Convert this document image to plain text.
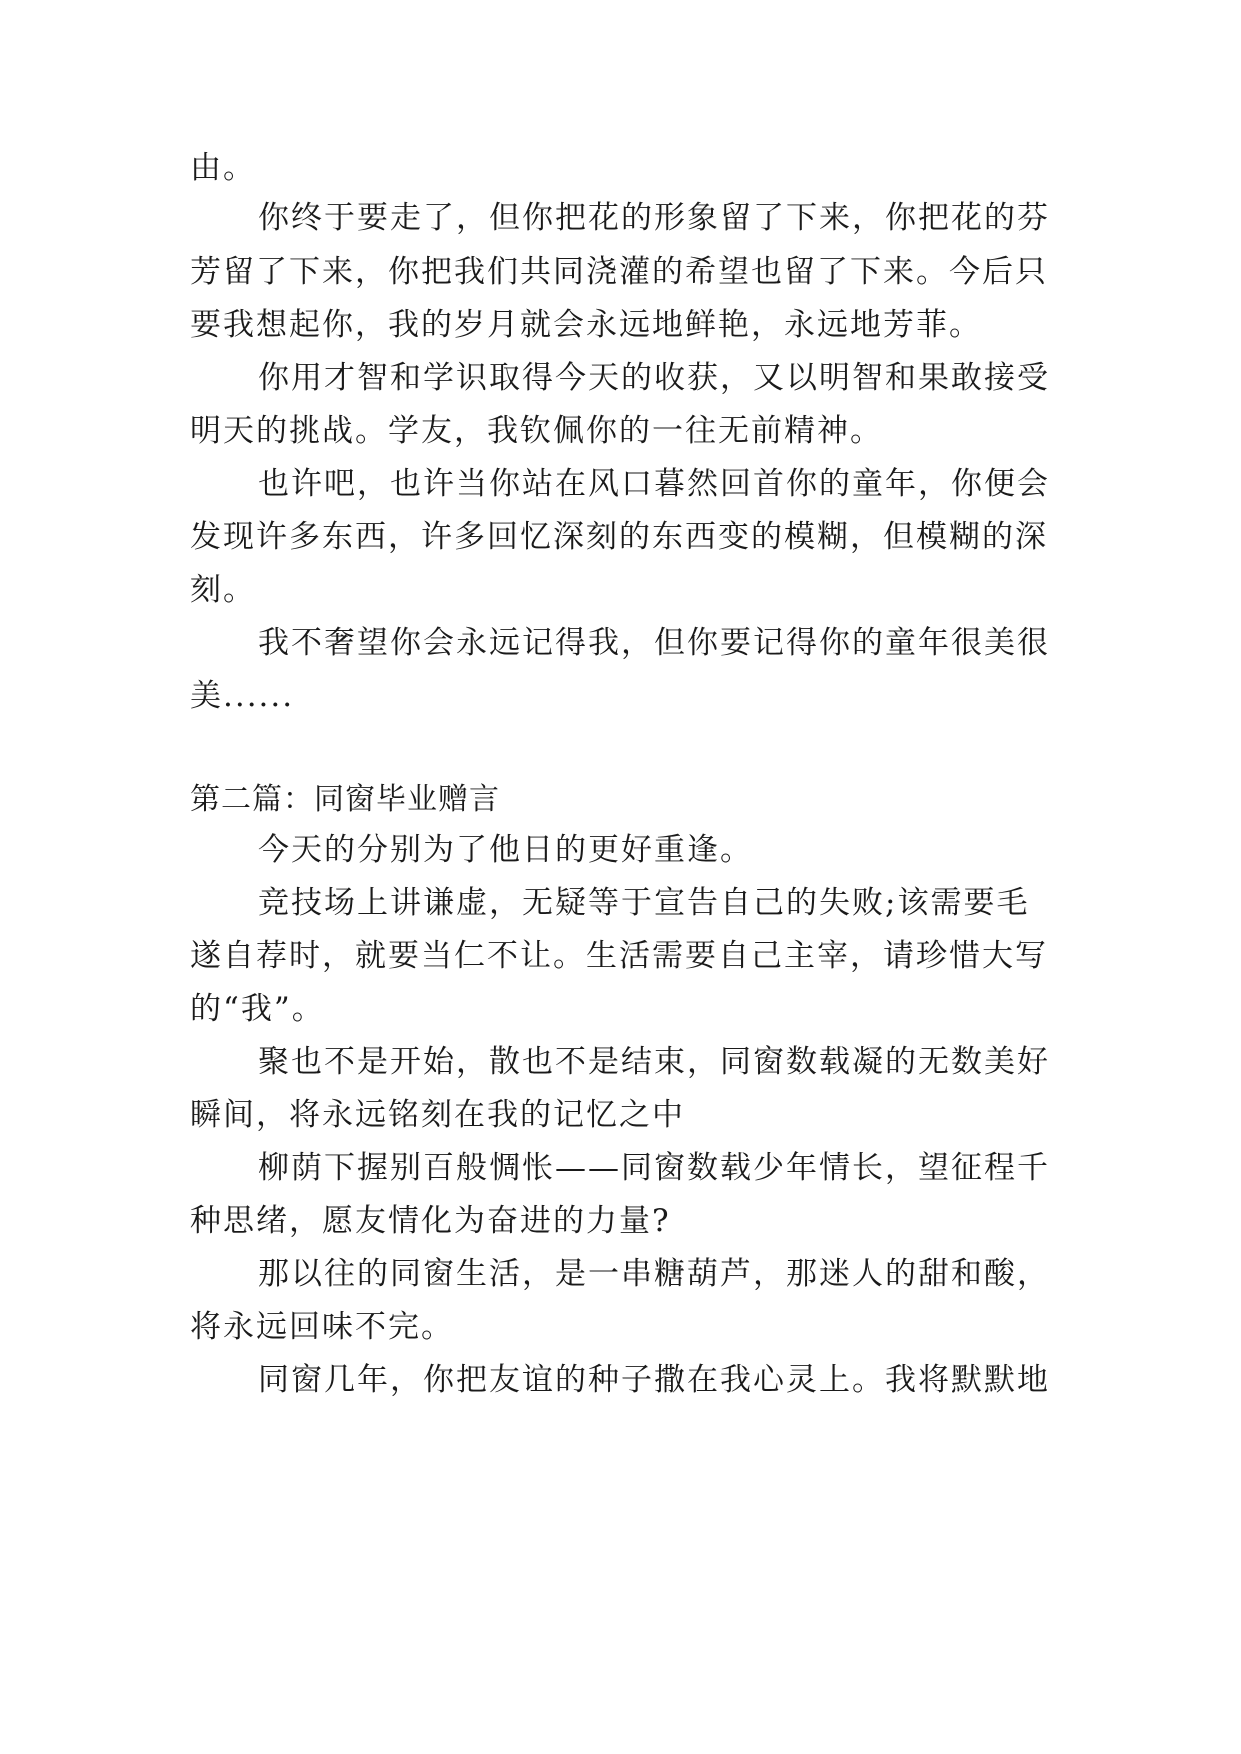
由。
你终于要走了，但你把花的形象留了下来，你把花的芬
芳留了下来，你把我们共同浇灌的希望也留了下来。今后只
要我想起你，我的岁月就会永远地鲜艳，永远地芳菲。
你用才智和学识取得今天的收获，又以明智和果敢接受
明天的挑战。学友，我钦佩你的一往无前精神。
也许吧，也许当你站在风口暮然回首你的童年，你便会
发现许多东西，许多回忆深刻的东西变的模糊，但模糊的深
刻。
我不奢望你会永远记得我，但你要记得你的童年很美很
美......
第二篇：同窗毕业赠言
今天的分别为了他日的更好重逢。
竞技场上讲谦虚，无疑等于宣告自己的失败;该需要毛
遂自荐时，就要当仁不让。生活需要自己主宰，请珍惜大写
的“我”。
聚也不是开始，散也不是结束，同窗数载凝的无数美好
瞬间，将永远铭刻在我的记忆之中
柳荫下握别百般惆怅——同窗数载少年情长，望征程千
种思绪，愿友情化为奋进的力量?
那以往的同窗生活，是一串糖葫芦，那迷人的甜和酸，
将永远回味不完。
同窗几年，你把友谊的种子撒在我心灵上。我将默默地
